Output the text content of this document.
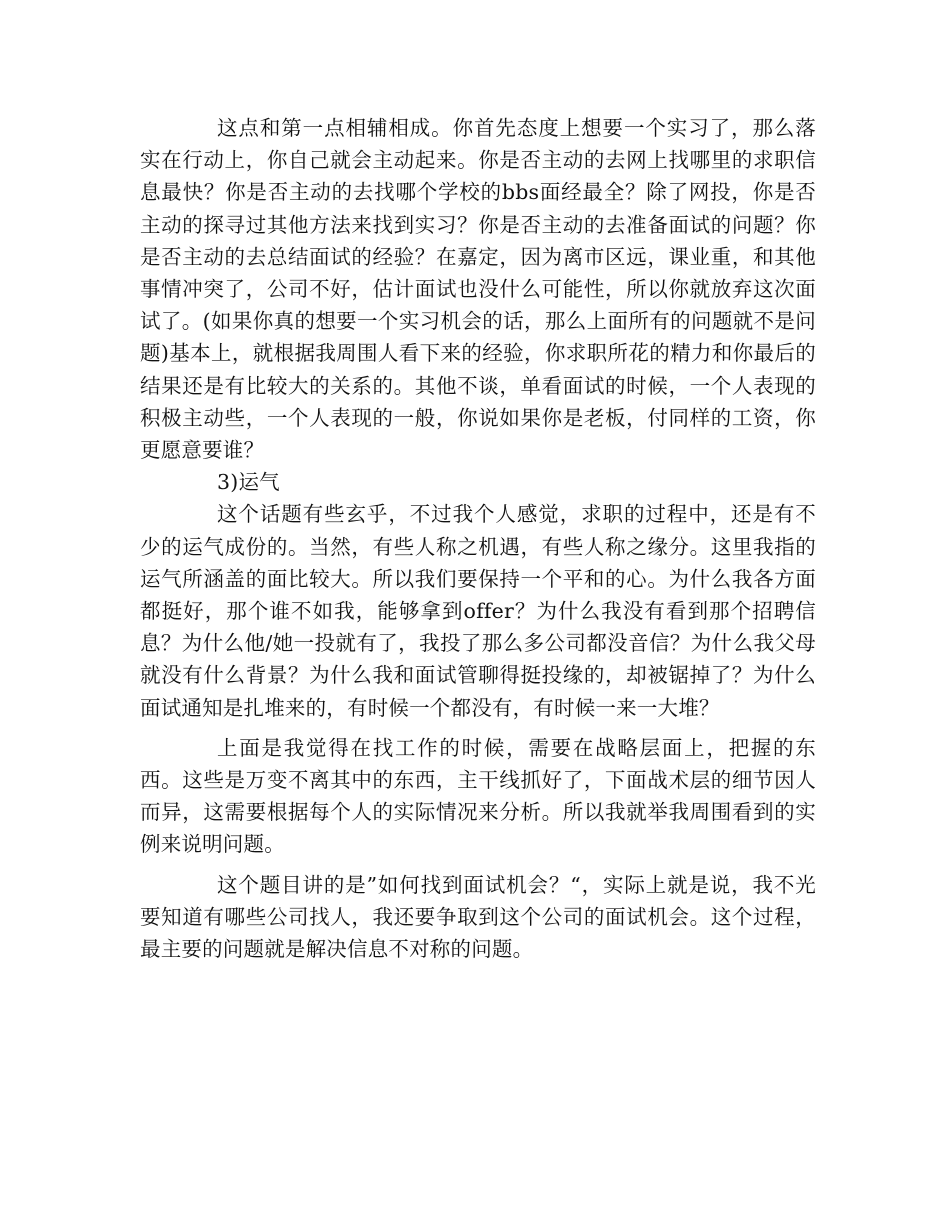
这点和第一点相辅相成。你首先态度上想要一个实习了，那么落实在行动上，你自己就会主动起来。你是否主动的去网上找哪里的求职信息最快？你是否主动的去找哪个学校的bbs面经最全？除了网投，你是否主动的探寻过其他方法来找到实习？你是否主动的去准备面试的问题？你是否主动的去总结面试的经验？在嘉定，因为离市区远，课业重，和其他事情冲突了，公司不好，估计面试也没什么可能性，所以你就放弃这次面试了。(如果你真的想要一个实习机会的话，那么上面所有的问题就不是问题)基本上，就根据我周围人看下来的经验，你求职所花的精力和你最后的结果还是有比较大的关系的。其他不谈，单看面试的时候，一个人表现的积极主动些，一个人表现的一般，你说如果你是老板，付同样的工资，你更愿意要谁？

3)运气

这个话题有些玄乎，不过我个人感觉，求职的过程中，还是有不少的运气成份的。当然，有些人称之机遇，有些人称之缘分。这里我指的运气所涵盖的面比较大。所以我们要保持一个平和的心。为什么我各方面都挺好，那个谁不如我，能够拿到offer？为什么我没有看到那个招聘信息？为什么他/她一投就有了，我投了那么多公司都没音信？为什么我父母就没有什么背景？为什么我和面试管聊得挺投缘的，却被锯掉了？为什么面试通知是扎堆来的，有时候一个都没有，有时候一来一大堆？

上面是我觉得在找工作的时候，需要在战略层面上，把握的东西。这些是万变不离其中的东西，主干线抓好了，下面战术层的细节因人而异，这需要根据每个人的实际情况来分析。所以我就举我周围看到的实例来说明问题。

这个题目讲的是”如何找到面试机会？“，实际上就是说，我不光要知道有哪些公司找人，我还要争取到这个公司的面试机会。这个过程，最主要的问题就是解决信息不对称的问题。
